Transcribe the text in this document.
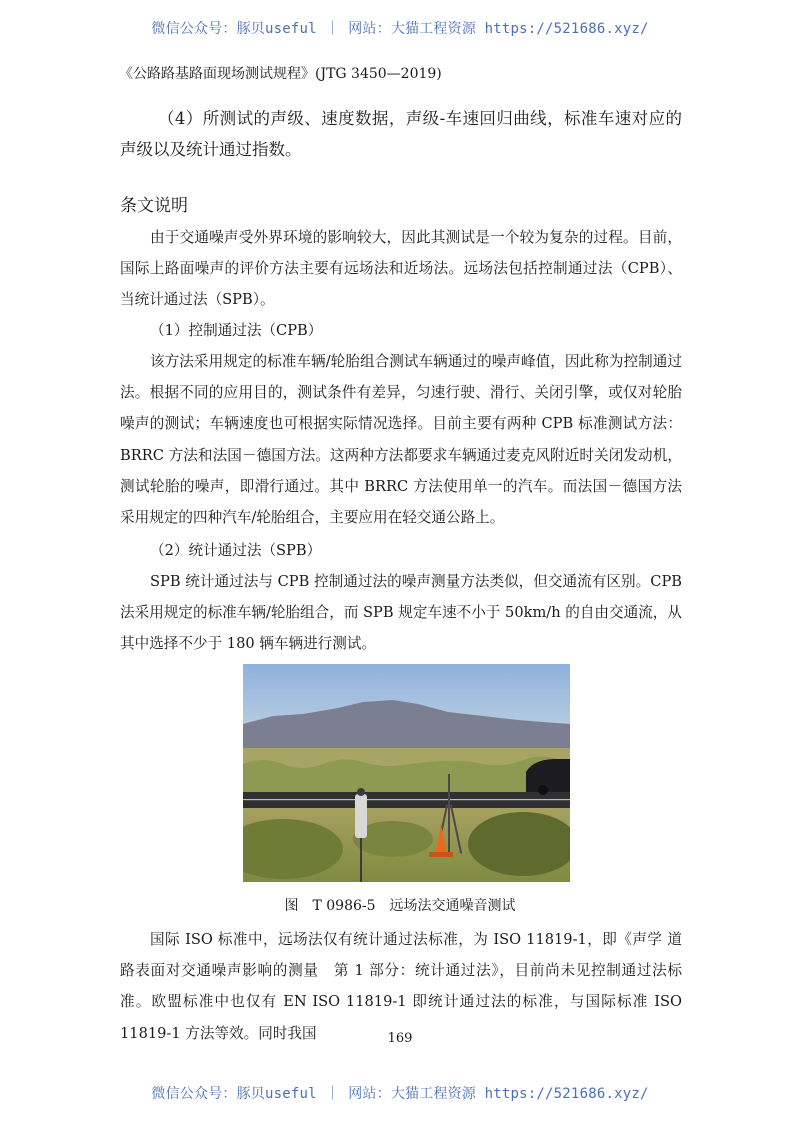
微信公众号：豚贝useful ｜ 网站：大猫工程资源 https://521686.xyz/
《公路路基路面现场测试规程》(JTG 3450—2019)
（4）所测试的声级、速度数据，声级-车速回归曲线，标准车速对应的声级以及统计通过指数。
条文说明

由于交通噪声受外界环境的影响较大，因此其测试是一个较为复杂的过程。目前，国际上路面噪声的评价方法主要有远场法和近场法。远场法包括控制通过法（CPB）、当统计通过法（SPB）。

（1）控制通过法（CPB）

该方法采用规定的标准车辆/轮胎组合测试车辆通过的噪声峰值，因此称为控制通过法。根据不同的应用目的，测试条件有差异，匀速行驶、滑行、关闭引擎，或仅对轮胎噪声的测试；车辆速度也可根据实际情况选择。目前主要有两种 CPB 标准测试方法：BRRC 方法和法国－德国方法。这两种方法都要求车辆通过麦克风附近时关闭发动机，测试轮胎的噪声，即滑行通过。其中 BRRC 方法使用单一的汽车。而法国－德国方法采用规定的四种汽车/轮胎组合，主要应用在轻交通公路上。

（2）统计通过法（SPB）

SPB 统计通过法与 CPB 控制通过法的噪声测量方法类似，但交通流有区别。CPB 法采用规定的标准车辆/轮胎组合，而 SPB 规定车速不小于 50km/h 的自由交通流，从其中选择不少于 180 辆车辆进行测试。

图　T 0986-5　远场法交通噪音测试

国际 ISO 标准中，远场法仅有统计通过法标准，为 ISO 11819-1，即《声学 道路表面对交通噪声影响的测量　第 1 部分：统计通过法》，目前尚未见控制通过法标准。欧盟标准中也仅有 EN ISO 11819-1 即统计通过法的标准，与国际标准 ISO 11819-1 方法等效。同时我国	169
微信公众号：豚贝useful ｜ 网站：大猫工程资源 https://521686.xyz/
